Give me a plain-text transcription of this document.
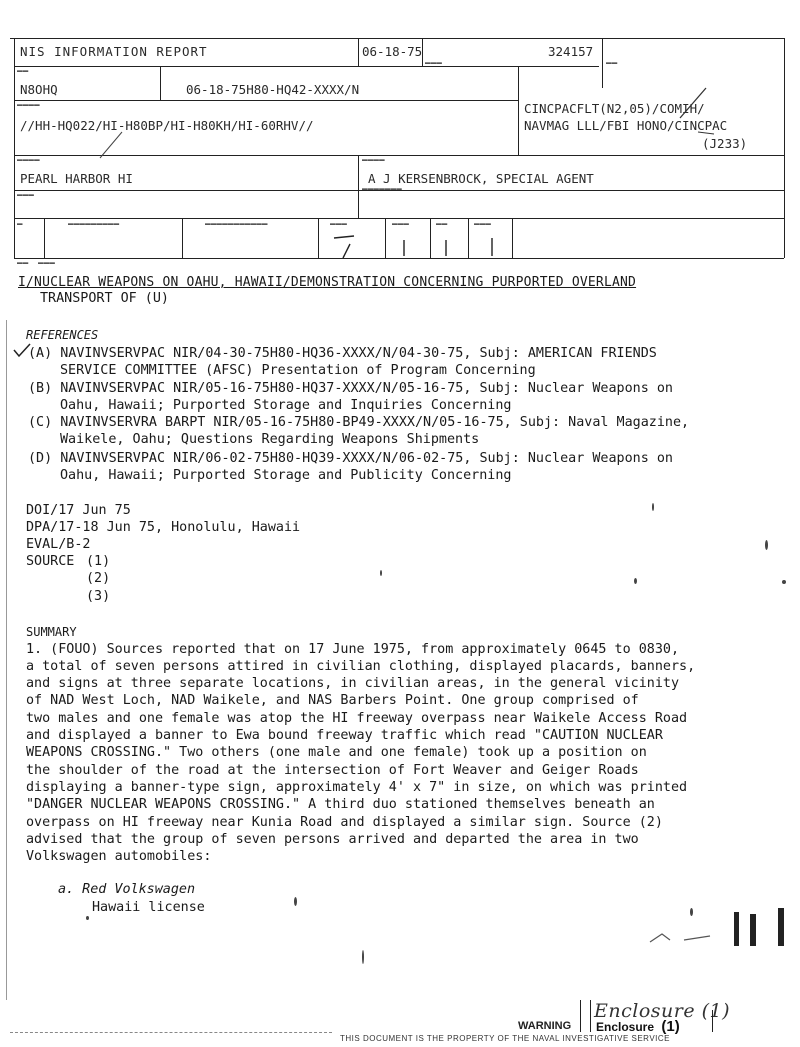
▬▬
▬▬▬	▬▬
▬▬▬▬
▬▬▬▬	▬▬▬▬
▬▬▬
▬▬▬▬▬▬▬
▬	▬▬▬▬▬▬▬▬▬	▬▬▬▬▬▬▬▬▬▬▬	▬▬▬	▬▬▬	▬▬	▬▬▬
▬▬ ▬▬▬
NIS INFORMATION REPORT	06-18-75	324157
N8OHQ	06-18-75H80-HQ42-XXXX/N
//HH-HQ022/HI-H80BP/HI-H80KH/HI-60RHV//
CINCPACFLT(N2,05)/COMIH/
NAVMAG LLL/FBI HONO/CINCPAC
(J233)
PEARL HARBOR HI	A J KERSENBROCK, SPECIAL AGENT
I/NUCLEAR WEAPONS ON OAHU, HAWAII/DEMONSTRATION CONCERNING PURPORTED OVERLAND
TRANSPORT OF (U)
REFERENCES
(A) NAVINVSERVPAC NIR/04-30-75H80-HQ36-XXXX/N/04-30-75, Subj: AMERICAN FRIENDS
SERVICE COMMITTEE (AFSC) Presentation of Program Concerning
(B) NAVINVSERVPAC NIR/05-16-75H80-HQ37-XXXX/N/05-16-75, Subj: Nuclear Weapons on
Oahu, Hawaii; Purported Storage and Inquiries Concerning
(C) NAVINVSERVRA BARPT NIR/05-16-75H80-BP49-XXXX/N/05-16-75, Subj: Naval Magazine,
Waikele, Oahu; Questions Regarding Weapons Shipments
(D) NAVINVSERVPAC NIR/06-02-75H80-HQ39-XXXX/N/06-02-75, Subj: Nuclear Weapons on
Oahu, Hawaii; Purported Storage and Publicity Concerning
DOI/17 Jun 75
DPA/17-18 Jun 75, Honolulu, Hawaii
EVAL/B-2
SOURCE (1)
(2)
(3)
SUMMARY
1. (FOUO) Sources reported that on 17 June 1975, from approximately 0645 to 0830,
a total of seven persons attired in civilian clothing, displayed placards, banners,
and signs at three separate locations, in civilian areas, in the general vicinity
of NAD West Loch, NAD Waikele, and NAS Barbers Point. One group comprised of
two males and one female was atop the HI freeway overpass near Waikele Access Road
and displayed a banner to Ewa bound freeway traffic which read "CAUTION NUCLEAR
WEAPONS CROSSING." Two others (one male and one female) took up a position on
the shoulder of the road at the intersection of Fort Weaver and Geiger Roads
displaying a banner-type sign, approximately 4' x 7" in size, on which was printed
"DANGER NUCLEAR WEAPONS CROSSING." A third duo stationed themselves beneath an
overpass on HI freeway near Kunia Road and displayed a similar sign. Source (2)
advised that the group of seven persons arrived and departed the area in two
Volkswagen automobiles:
a. Red Volkswagen
Hawaii license
Enclosure (1)
WARNING Enclosure (1)
THIS DOCUMENT IS THE PROPERTY OF THE NAVAL INVESTIGATIVE SERVICE
